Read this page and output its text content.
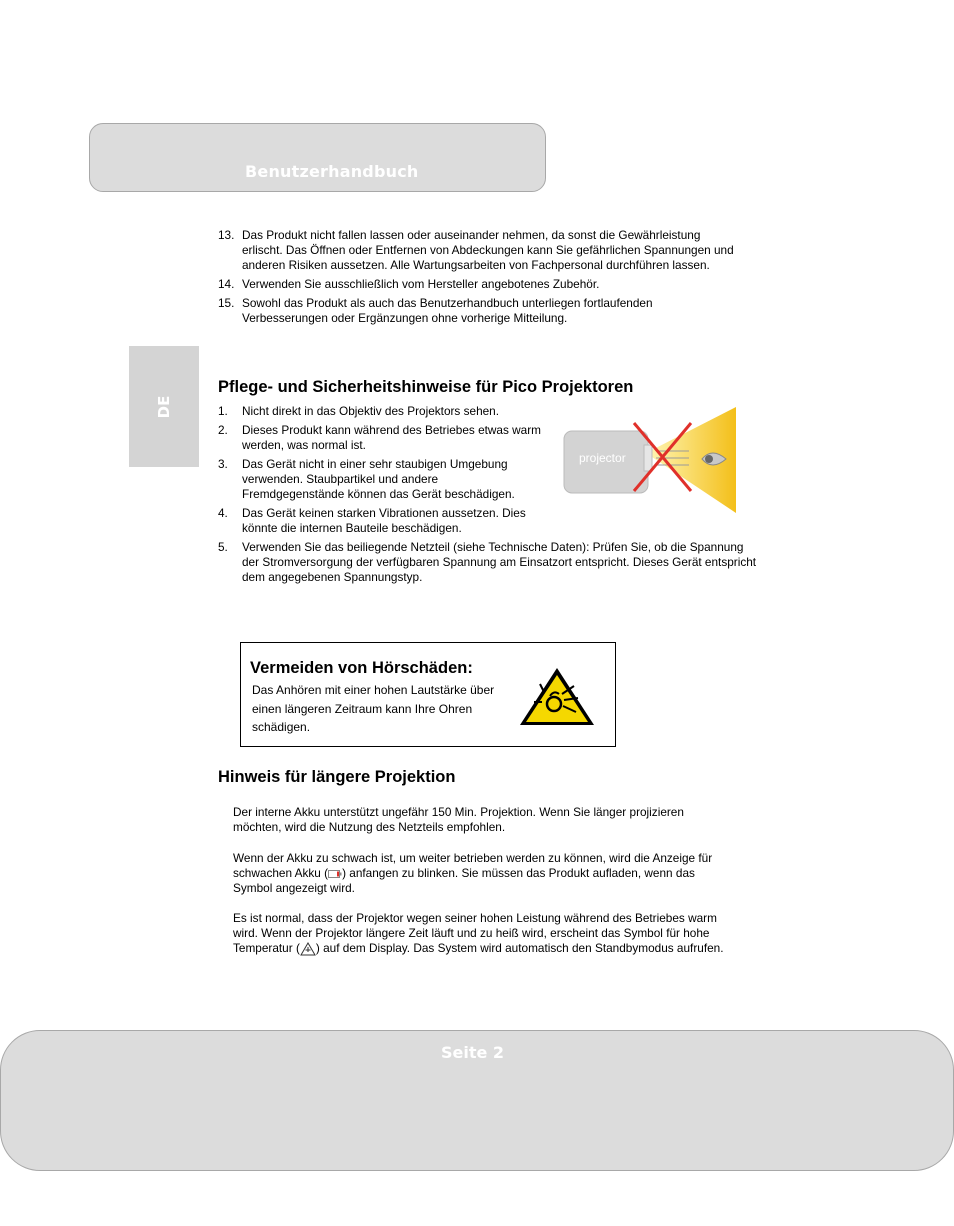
Benutzerhandbuch
DE
13. Das Produkt nicht fallen lassen oder auseinander nehmen, da sonst die Gewährleistung erlischt. Das Öffnen oder Entfernen von Abdeckungen kann Sie gefährlichen Spannungen und anderen Risiken aussetzen. Alle Wartungsarbeiten von Fachpersonal durchführen lassen.
14. Verwenden Sie ausschließlich vom Hersteller angebotenes Zubehör.
15. Sowohl das Produkt als auch das Benutzerhandbuch unterliegen fortlaufenden Verbesserungen oder Ergänzungen ohne vorherige Mitteilung.
Pflege- und Sicherheitshinweise für Pico Projektoren
1. Nicht direkt in das Objektiv des Projektors sehen.
2. Dieses Produkt kann während des Betriebes etwas warm werden, was normal ist.
3. Das Gerät nicht in einer sehr staubigen Umgebung verwenden. Staubpartikel und andere Fremdgegenstände können das Gerät beschädigen.
4. Das Gerät keinen starken Vibrationen aussetzen. Dies könnte die internen Bauteile beschädigen.
5. Verwenden Sie das beiliegende Netzteil (siehe Technische Daten): Prüfen Sie, ob die Spannung der Stromversorgung der verfügbaren Spannung am Einsatzort entspricht. Dieses Gerät entspricht dem angegebenen Spannungstyp.
projector
Vermeiden von Hörschäden:
Das Anhören mit einer hohen Lautstärke über einen längeren Zeitraum kann Ihre Ohren schädigen.
Hinweis für längere Projektion
Der interne Akku unterstützt ungefähr 150 Min. Projektion. Wenn Sie länger projizieren möchten, wird die Nutzung des Netzteils empfohlen.
Wenn der Akku zu schwach ist, um weiter betrieben werden zu können, wird die Anzeige für schwachen Akku ( ) anfangen zu blinken. Sie müssen das Produkt aufladen, wenn das Symbol angezeigt wird.
Es ist normal, dass der Projektor wegen seiner hohen Leistung während des Betriebes warm wird. Wenn der Projektor längere Zeit läuft und zu heiß wird, erscheint das Symbol für hohe Temperatur ( ) auf dem Display. Das System wird automatisch den Standbymodus aufrufen.
Seite 2
